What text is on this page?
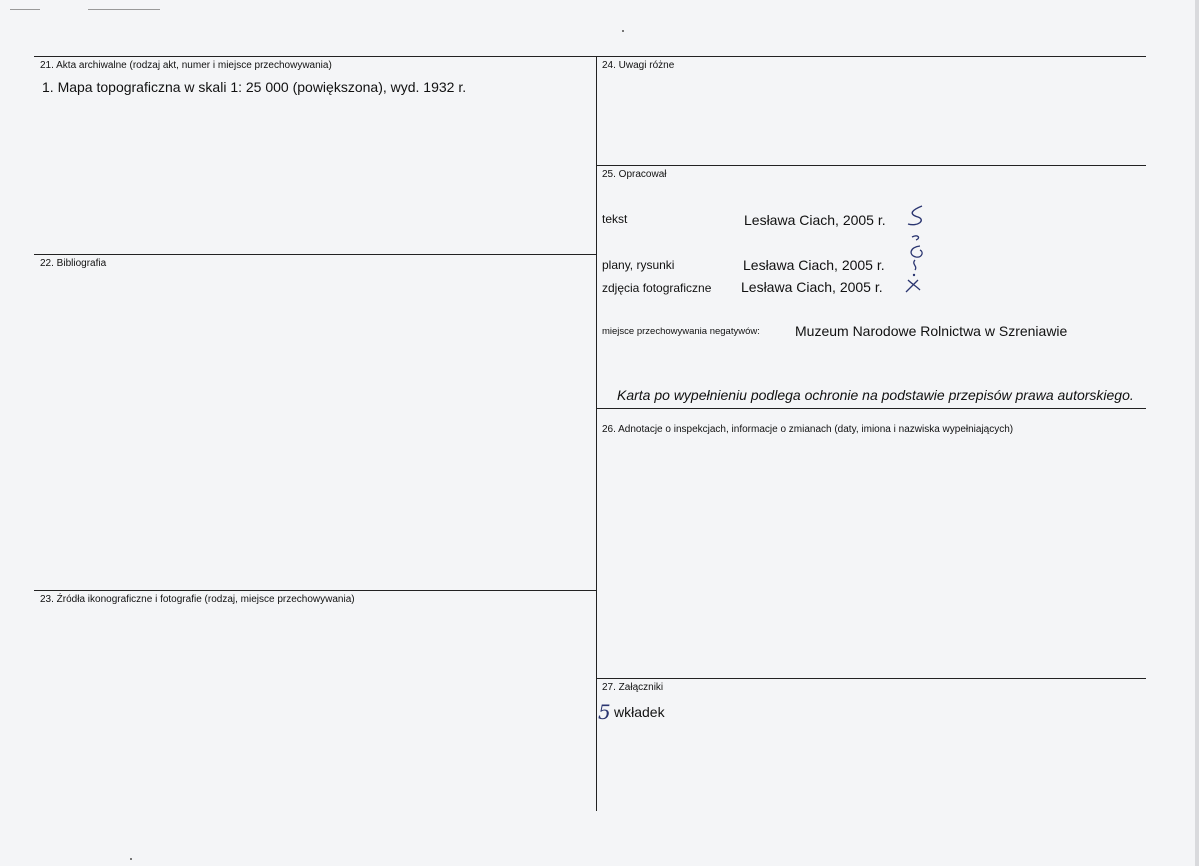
21. Akta archiwalne (rodzaj akt, numer i miejsce przechowywania)
1. Mapa topograficzna w skali 1: 25 000 (powiększona), wyd. 1932 r.
22. Bibliografia
23. Źródła ikonograficzne i fotografie (rodzaj, miejsce przechowywania)
24. Uwagi różne
25. Opracował
tekst	Lesława Ciach, 2005 r.
plany, rysunki	Lesława Ciach, 2005 r.
zdjęcia fotograficzne Lesława Ciach, 2005 r.
miejsce przechowywania negatywów:	Muzeum Narodowe Rolnictwa w Szreniawie
Karta po wypełnieniu podlega ochronie na podstawie przepisów prawa autorskiego.
26. Adnotacje o inspekcjach, informacje o zmianach (daty, imiona i nazwiska wypełniających)
27. Załączniki
5 wkładek
